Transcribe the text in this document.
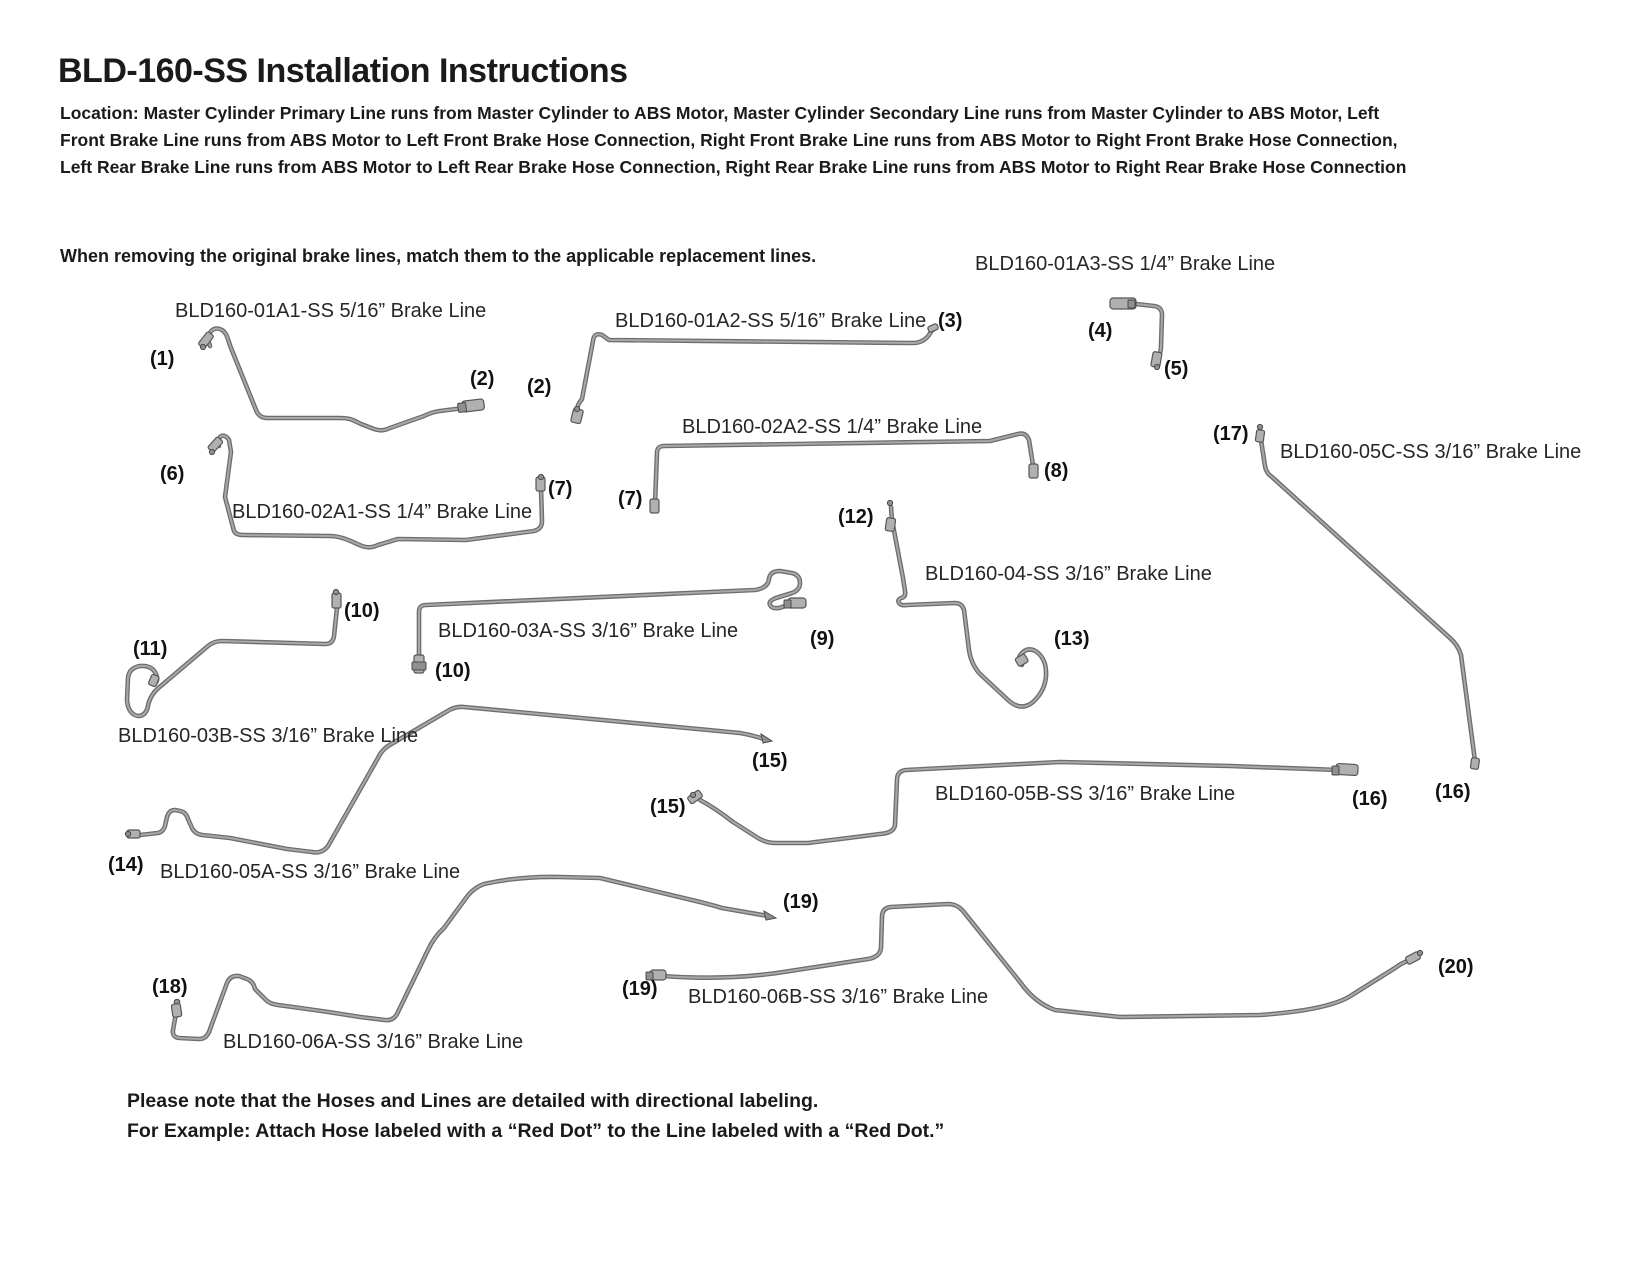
BLD-160-SS Installation Instructions
Location: Master Cylinder Primary Line runs from Master Cylinder to ABS Motor, Master Cylinder Secondary Line runs from Master Cylinder to ABS Motor, Left Front Brake Line runs from ABS Motor to Left Front Brake Hose Connection, Right Front Brake Line runs from ABS Motor to Right Front Brake Hose Connection, Left Rear Brake Line runs from ABS Motor to Left Rear Brake Hose Connection, Right Rear Brake Line runs from ABS Motor to Right Rear Brake Hose Connection
When removing the original brake lines, match them to the applicable replacement lines.
BLD160-01A1-SS 5/16” Brake Line	BLD160-01A2-SS 5/16” Brake Line
BLD160-01A3-SS 1/4” Brake Line
BLD160-02A1-SS 1/4” Brake Line
BLD160-02A2-SS 1/4” Brake Line
BLD160-04-SS 3/16” Brake Line
BLD160-03A-SS 3/16” Brake Line
BLD160-03B-SS 3/16” Brake Line
BLD160-05A-SS 3/16” Brake Line
BLD160-05B-SS 3/16” Brake Line
BLD160-05C-SS 3/16” Brake Line
BLD160-06A-SS 3/16” Brake Line
BLD160-06B-SS 3/16” Brake Line
(1)
(2) (2)
(3)	(4)
(5)
(6)
(7) (7)
(8)
(9)
(10)
(10)
(11)
(12)
(13)
(14)
(15)
(15)	(16) (16)
(17)
(18)
(19)
(19)
(20)
Please note that the Hoses and Lines are detailed with directional labeling.
For Example: Attach Hose labeled with a “Red Dot” to the Line labeled with a “Red Dot.”
